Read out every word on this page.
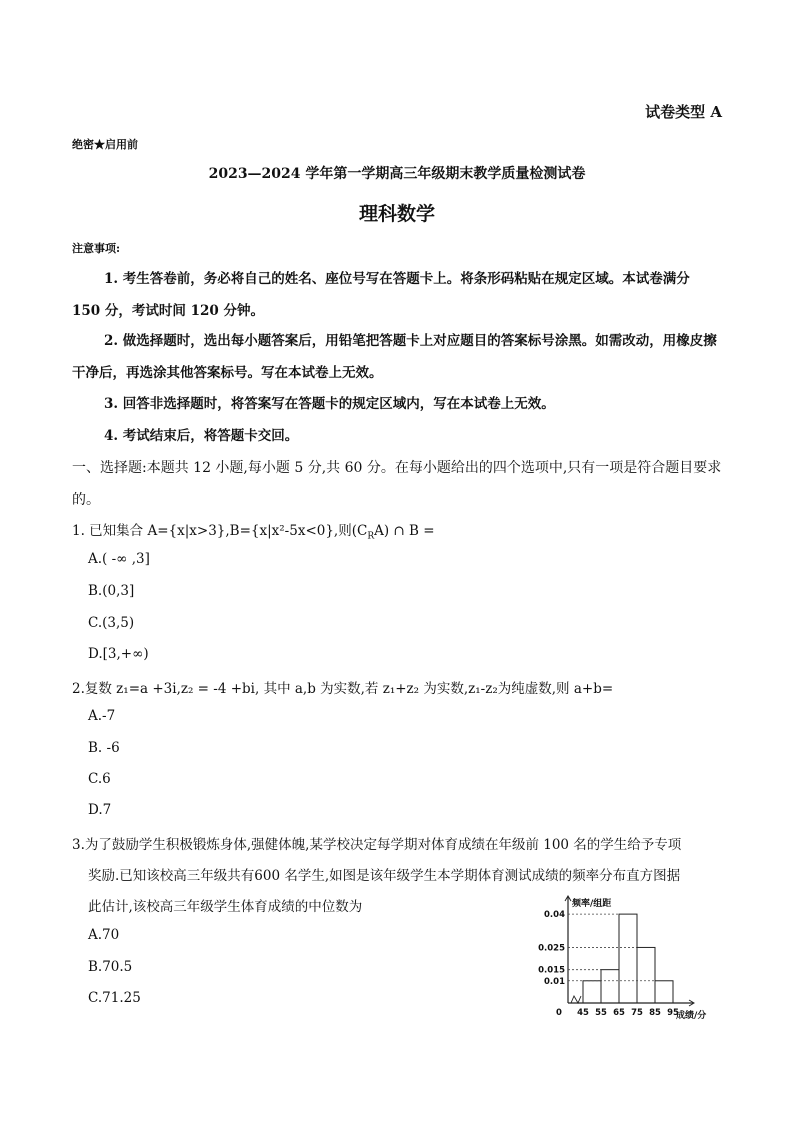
试卷类型 A
绝密★启用前
2023—2024 学年第一学期高三年级期末教学质量检测试卷
理科数学
注意事项:

1. 考生答卷前，务必将自己的姓名、座位号写在答题卡上。将条形码粘贴在规定区域。本试卷满分 150 分，考试时间 120 分钟。

2. 做选择题时，选出每小题答案后，用铅笔把答题卡上对应题目的答案标号涂黑。如需改动，用橡皮擦干净后，再选涂其他答案标号。写在本试卷上无效。

3. 回答非选择题时，将答案写在答题卡的规定区域内，写在本试卷上无效。

4. 考试结束后，将答题卡交回。

一、选择题:本题共 12 小题,每小题 5 分,共 60 分。在每小题给出的四个选项中,只有一项是符合题目要求的。
1. 已知集合 A={x|x>3},B={x|x²-5x<0},则$(C_RA)$ ∩ B =
A.( -∞ ,3]
B.(0,3]
C.(3,5)
D.[3,+∞)
2.复数 z₁=a +3i,z₂ = -4 +bi, 其中 a,b 为实数,若 z₁+z₂ 为实数,z₁-z₂为纯虚数,则 a+b=
A.-7
B. -6
C.6
D.7
3.为了鼓励学生积极锻炼身体,强健体魄,某学校决定每学期对体育成绩在年级前 100 名的学生给予专项
奖励.已知该校高三年级共有600 名学生,如图是该年级学生本学期体育测试成绩的频率分布直方图据
此估计,该校高三年级学生体育成绩的中位数为
A.70
B.70.5
C.71.25
0.04
0.025
0.015
0.01
45 55 65 75 85 95
0
频率/组距
成绩/分
